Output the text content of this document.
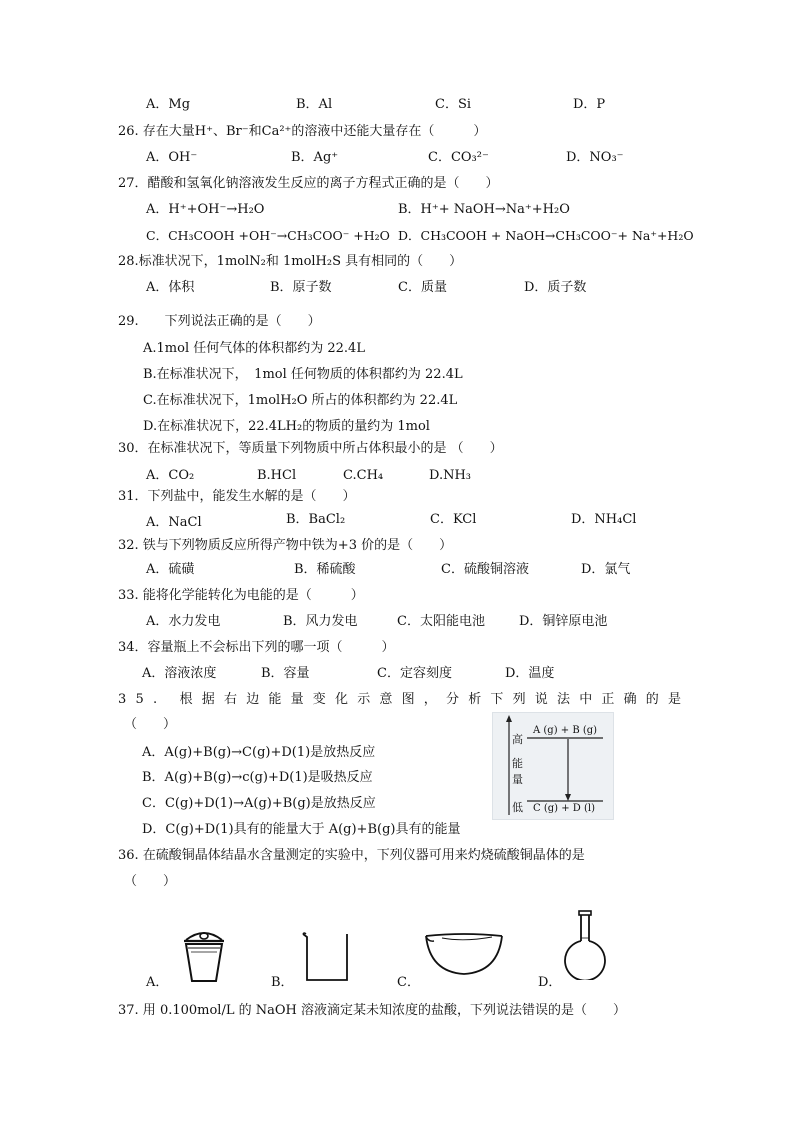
A．Mg	B．Al	C．Si	D．P
26. 存在大量H⁺、Br⁻和Ca²⁺的溶液中还能大量存在（　　　）
A．OH⁻	B．Ag⁺	C．CO₃²⁻	D．NO₃⁻
27．醋酸和氢氧化钠溶液发生反应的离子方程式正确的是（　　）
A．H⁺+OH⁻→H₂O	B．H⁺+ NaOH→Na⁺+H₂O
C．CH₃COOH +OH⁻→CH₃COO⁻ +H₂O D．CH₃COOH + NaOH→CH₃COO⁻+ Na⁺+H₂O
28.标准状况下，1molN₂和 1molH₂S 具有相同的（　　）
A．体积	B．原子数	C．质量	D．质子数
29.　　下列说法正确的是（　　）
A.1mol 任何气体的体积都约为 22.4L
B.在标准状况下，　1mol 任何物质的体积都约为 22.4L
C.在标准状况下，1molH₂O 所占的体积都约为 22.4L
D.在标准状况下，22.4LH₂的物质的量约为 1mol
30．在标准状况下，等质量下列物质中所占体积最小的是 （　　）
A．CO₂	B.HCl	C.CH₄	D.NH₃
31．下列盐中，能发生水解的是（　　）
A．NaCl	B．BaCl₂	C．KCl	D．NH₄Cl
32. 铁与下列物质反应所得产物中铁为+3 价的是（　　）
A．硫磺	B．稀硫酸	C．硫酸铜溶液	D．氯气
33. 能将化学能转化为电能的是（　　　）
A．水力发电	B．风力发电	C．太阳能电池	D．铜锌原电池
34．容量瓶上不会标出下列的哪一项（　　　）
A．溶液浓度	B．容量	C．定容刻度	D．温度
35. 根据右边能量变化示意图，分析下列说法中正确的是
（　　）
A．A(g)+B(g)→C(g)+D(1)是放热反应
B．A(g)+B(g)→c(g)+D(1)是吸热反应
C．C(g)+D(1)→A(g)+B(g)是放热反应
D．C(g)+D(1)具有的能量大于 A(g)+B(g)具有的能量
A (g) + B (g)
C (g) + D (l)
高
能
量
低
36. 在硫酸铜晶体结晶水含量测定的实验中，下列仪器可用来灼烧硫酸铜晶体的是
（　　）
A．	B．	C．	D．
37. 用 0.100mol/L 的 NaOH 溶液滴定某未知浓度的盐酸，下列说法错误的是（　　）
